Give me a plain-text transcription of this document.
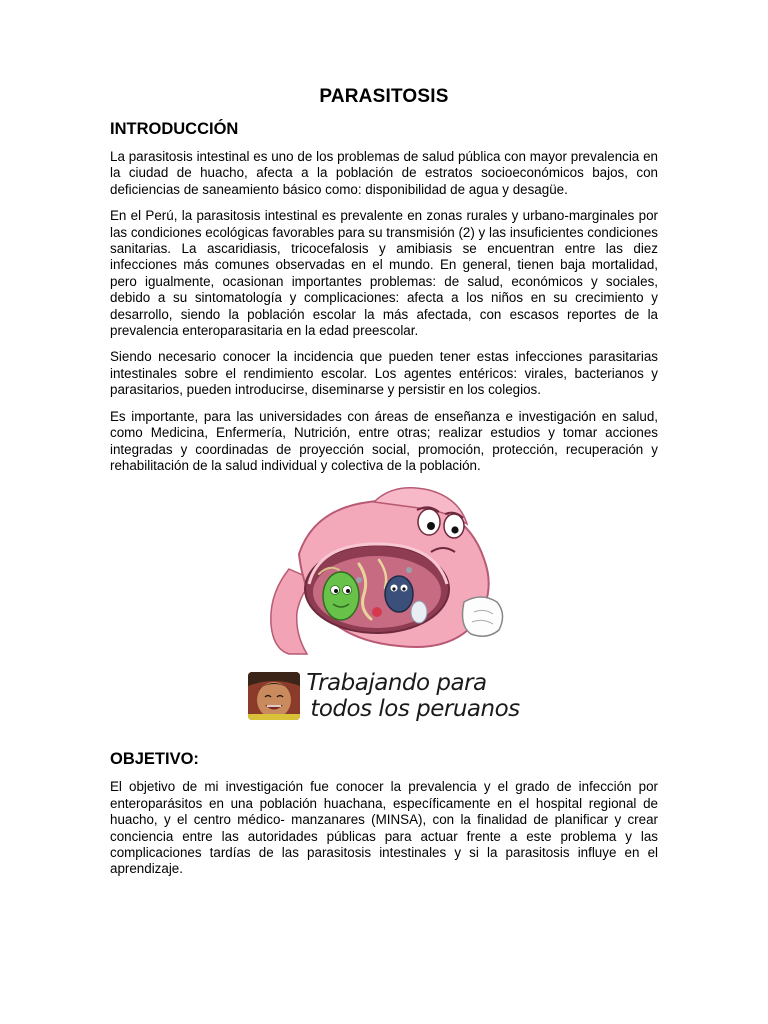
PARASITOSIS
INTRODUCCIÓN

La parasitosis intestinal es uno de los problemas de salud pública con mayor prevalencia en la ciudad de huacho, afecta a la población de estratos socioeconómicos bajos, con deficiencias de saneamiento básico como: disponibilidad de agua y desagüe.

En el Perú, la parasitosis intestinal es prevalente en zonas rurales y urbano-marginales por las condiciones ecológicas favorables para su transmisión (2) y las insuficientes condiciones sanitarias. La ascaridiasis, tricocefalosis y amibiasis se encuentran entre las diez infecciones más comunes observadas en el mundo. En general, tienen baja mortalidad, pero igualmente, ocasionan importantes problemas: de salud, económicos y sociales, debido a su sintomatología y complicaciones: afecta a los niños en su crecimiento y desarrollo, siendo la población escolar la más afectada, con escasos reportes de la prevalencia enteroparasitaria en la edad preescolar.

Siendo necesario conocer la incidencia que pueden tener estas infecciones parasitarias intestinales sobre el rendimiento escolar. Los agentes entéricos: virales, bacterianos y parasitarios, pueden introducirse, diseminarse y persistir en los colegios.

Es importante, para las universidades con áreas de enseñanza e investigación en salud, como Medicina, Enfermería, Nutrición, entre otras; realizar estudios y tomar acciones integradas y coordinadas de proyección social, promoción, protección, recuperación y rehabilitación de la salud individual y colectiva de la población.

Trabajando para
todos los peruanos
OBJETIVO:

El objetivo de mi investigación fue conocer la prevalencia y el grado de infección por enteroparásitos en una población huachana, específicamente en el hospital regional de huacho, y el centro médico- manzanares (MINSA), con la finalidad de planificar y crear conciencia entre las autoridades públicas para actuar frente a este problema y las complicaciones tardías de las parasitosis intestinales y si la parasitosis influye en el aprendizaje.
